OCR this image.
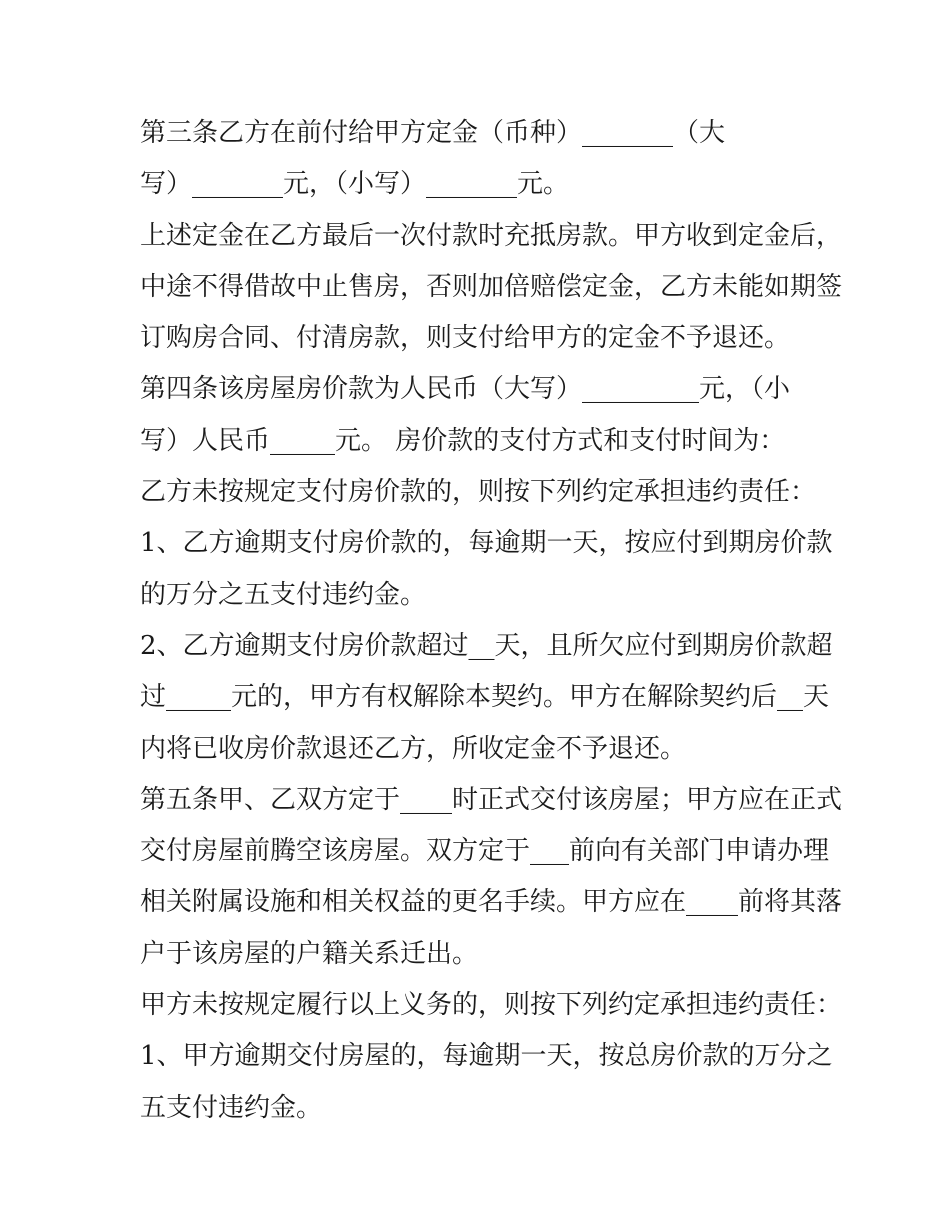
第三条乙方在前付给甲方定金（币种）_______（大
写）_______元，（小写）_______元。
上述定金在乙方最后一次付款时充抵房款。甲方收到定金后，
中途不得借故中止售房，否则加倍赔偿定金，乙方未能如期签
订购房合同、付清房款，则支付给甲方的定金不予退还。
第四条该房屋房价款为人民币（大写）_________元，（小
写）人民币_____元。 房价款的支付方式和支付时间为：
乙方未按规定支付房价款的，则按下列约定承担违约责任：
1、乙方逾期支付房价款的，每逾期一天，按应付到期房价款
的万分之五支付违约金。
2、乙方逾期支付房价款超过__天，且所欠应付到期房价款超
过_____元的，甲方有权解除本契约。甲方在解除契约后__天
内将已收房价款退还乙方，所收定金不予退还。
第五条甲、乙双方定于____时正式交付该房屋；甲方应在正式
交付房屋前腾空该房屋。双方定于___前向有关部门申请办理
相关附属设施和相关权益的更名手续。甲方应在____前将其落
户于该房屋的户籍关系迁出。
甲方未按规定履行以上义务的，则按下列约定承担违约责任：
1、甲方逾期交付房屋的，每逾期一天，按总房价款的万分之
五支付违约金。
